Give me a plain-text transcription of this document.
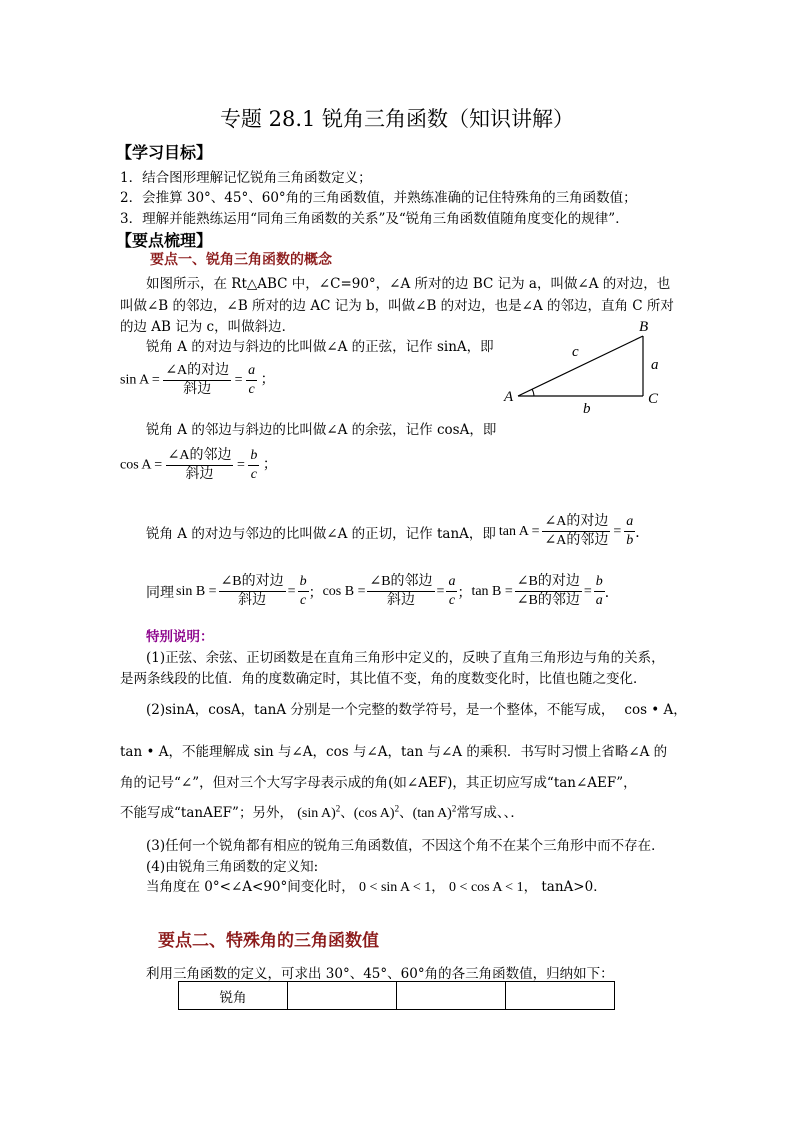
专题 28.1 锐角三角函数（知识讲解）
【学习目标】
1．结合图形理解记忆锐角三角函数定义；
2．会推算 30°、45°、60°角的三角函数值，并熟练准确的记住特殊角的三角函数值；
3．理解并能熟练运用“同角三角函数的关系”及“锐角三角函数值随角度变化的规律”．
【要点梳理】
要点一、锐角三角函数的概念
如图所示，在 Rt△ABC 中，∠C=90°，∠A 所对的边 BC 记为 a，叫做∠A 的对边，也
叫做∠B 的邻边，∠B 所对的边 AC 记为 b，叫做∠B 的对边，也是∠A 的邻边，直角 C 所对
的边 AB 记为 c，叫做斜边．
A
B
C
a
b
c
锐角 A 的对边与斜边的比叫做∠A 的正弦，记作 sinA，即
$\sin A = \frac{\text{∠A的对边}}{\text{斜边}} = \frac{a}{c}$ ；
锐角 A 的邻边与斜边的比叫做∠A 的余弦，记作 cosA，即
$\cos A = \frac{\text{∠A的邻边}}{\text{斜边}} = \frac{b}{c}$ ；
锐角 A 的对边与邻边的比叫做∠A 的正切，记作 tanA，即 $\tan A = \frac{\text{∠A的对边}}{\text{∠A的邻边}} = \frac{a}{b}$ ．
同理 $\sin B = \frac{\text{∠B的对边}}{\text{斜边}} = \frac{b}{c}$ ； $\cos B = \frac{\text{∠B的邻边}}{\text{斜边}} = \frac{a}{c}$ ； $\tan B = \frac{\text{∠B的对边}}{\text{∠B的邻边}} = \frac{b}{a}$ ．
特别说明：
(1)正弦、余弦、正切函数是在直角三角形中定义的，反映了直角三角形边与角的关系，
是两条线段的比值．角的度数确定时，其比值不变，角的度数变化时，比值也随之变化．
(2)sinA，cosA，tanA 分别是一个完整的数学符号，是一个整体，不能写成， cos • A，
tan • A，不能理解成 sin 与∠A，cos 与∠A，tan 与∠A 的乘积．书写时习惯上省略∠A 的
角的记号“∠”，但对三个大写字母表示成的角(如∠AEF)，其正切应写成“tan∠AEF”，
不能写成“tanAEF”；另外， (sin A)$^2$、(cos A)$^2$、(tan A)$^2$常写成、、．
(3)任何一个锐角都有相应的锐角三角函数值，不因这个角不在某个三角形中而不存在．
(4)由锐角三角函数的定义知:
当角度在 0°<∠A<90°间变化时， 0 < sin A < 1， 0 < cos A < 1， tanA>0．
要点二、特殊角的三角函数值
利用三角函数的定义，可求出 30°、45°、60°角的各三角函数值，归纳如下：
锐角			
